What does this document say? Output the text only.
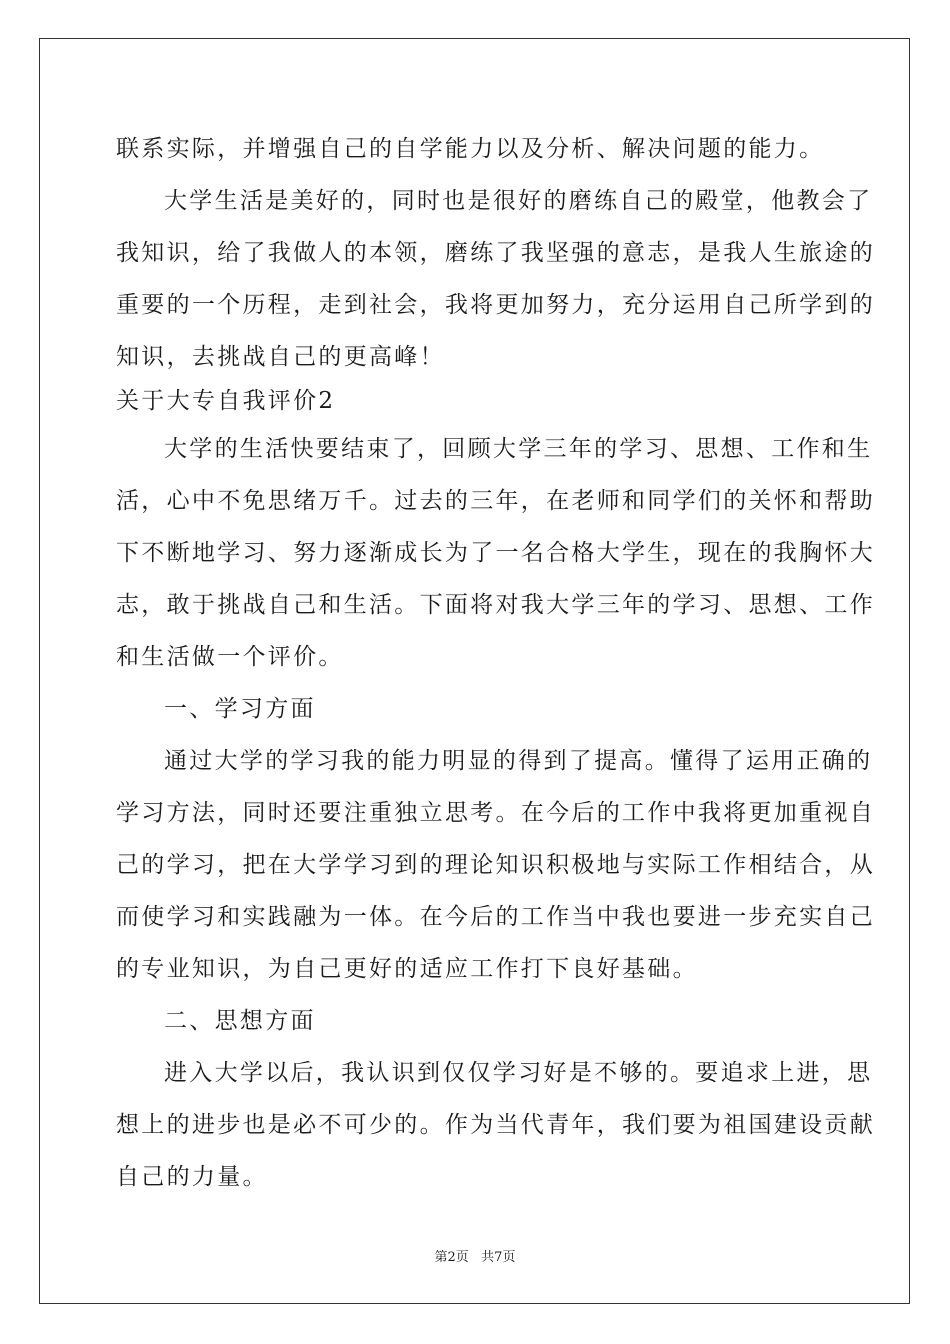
联系实际，并增强自己的自学能力以及分析、解决问题的能力。
大学生活是美好的，同时也是很好的磨练自己的殿堂，他教会了
我知识，给了我做人的本领，磨练了我坚强的意志，是我人生旅途的
重要的一个历程，走到社会，我将更加努力，充分运用自己所学到的
知识，去挑战自己的更高峰！
关于大专自我评价2
大学的生活快要结束了，回顾大学三年的学习、思想、工作和生
活，心中不免思绪万千。过去的三年，在老师和同学们的关怀和帮助
下不断地学习、努力逐渐成长为了一名合格大学生，现在的我胸怀大
志，敢于挑战自己和生活。下面将对我大学三年的学习、思想、工作
和生活做一个评价。
一、学习方面
通过大学的学习我的能力明显的得到了提高。懂得了运用正确的
学习方法，同时还要注重独立思考。在今后的工作中我将更加重视自
己的学习，把在大学学习到的理论知识积极地与实际工作相结合，从
而使学习和实践融为一体。在今后的工作当中我也要进一步充实自己
的专业知识，为自己更好的适应工作打下良好基础。
二、思想方面
进入大学以后，我认识到仅仅学习好是不够的。要追求上进，思
想上的进步也是必不可少的。作为当代青年，我们要为祖国建设贡献
自己的力量。
第2页   共7页
